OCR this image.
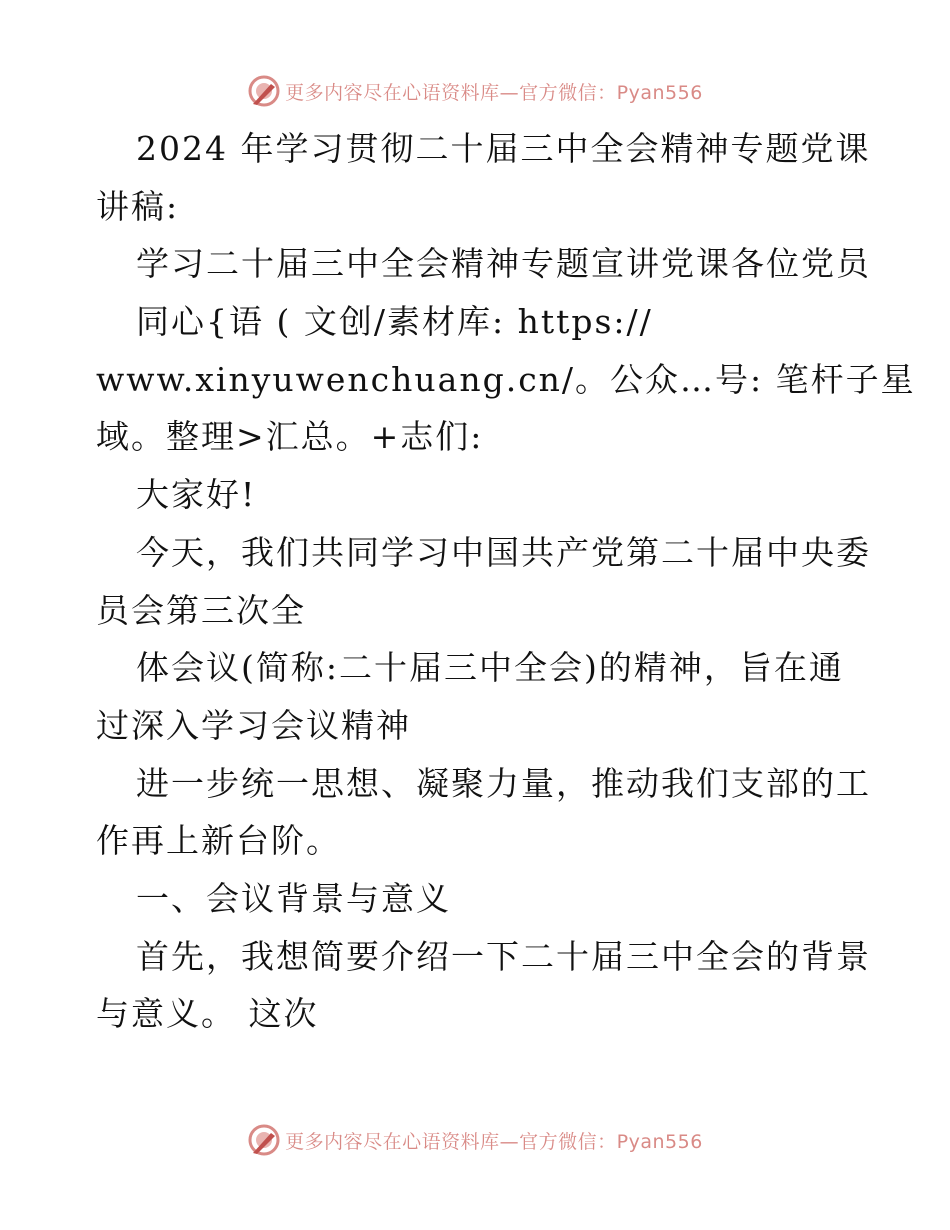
更多内容尽在心语资料库—官方微信：Pyan556
2024 年学习贯彻二十届三中全会精神专题党课
讲稿:
学习二十届三中全会精神专题宣讲党课各位党员
同心{语 ( 文创/素材库: https://
www.xinyuwenchuang.cn/。公众…号: 笔杆子星
域。整理>汇总。+志们:
大家好!
今天，我们共同学习中国共产党第二十届中央委
员会第三次全
体会议(简称:二十届三中全会)的精神，旨在通
过深入学习会议精神
进一步统一思想、凝聚力量，推动我们支部的工
作再上新台阶。
一、会议背景与意义
首先，我想简要介绍一下二十届三中全会的背景
与意义。 这次
更多内容尽在心语资料库—官方微信：Pyan556
